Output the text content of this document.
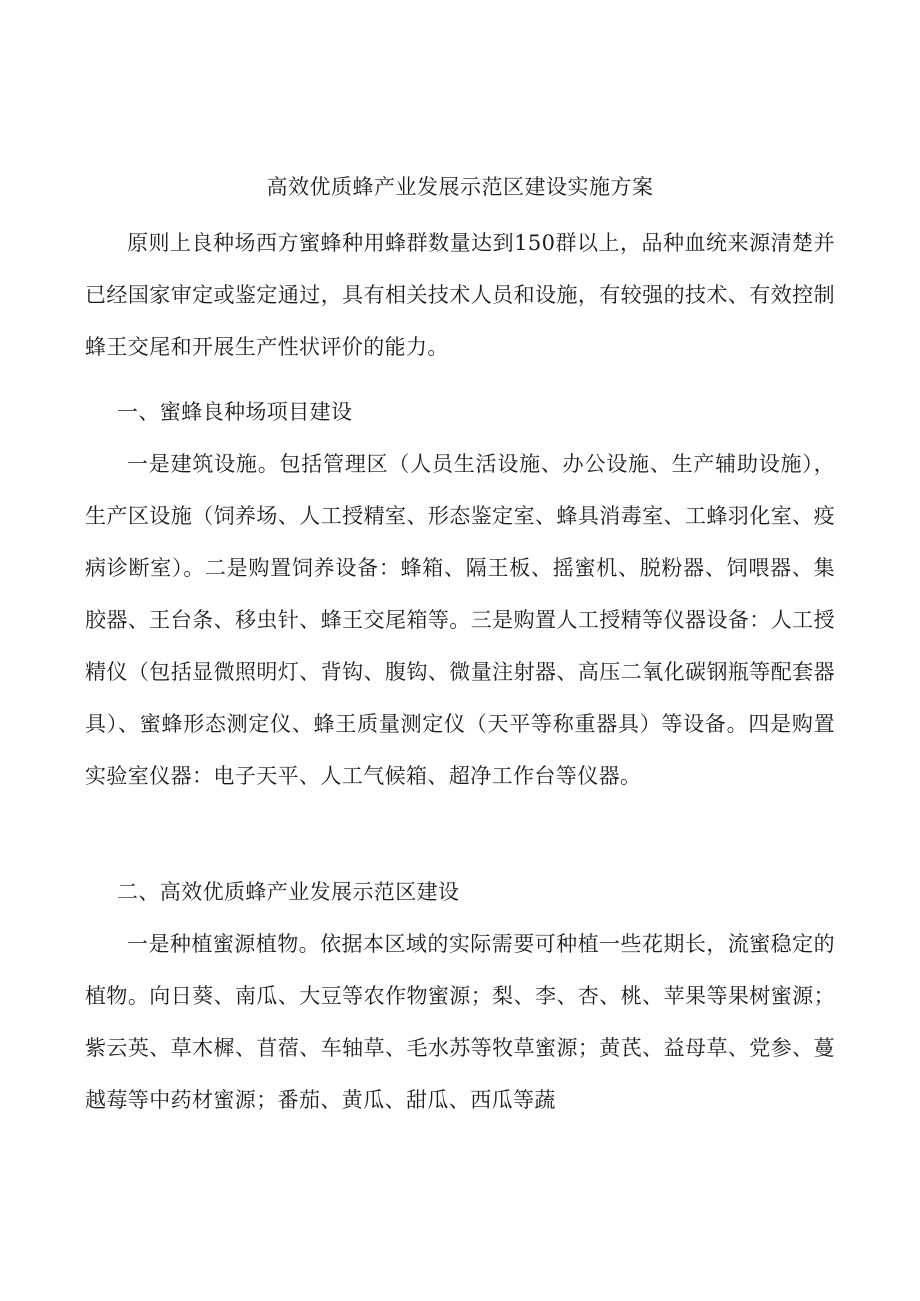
高效优质蜂产业发展示范区建设实施方案

原则上良种场西方蜜蜂种用蜂群数量达到150群以上，品种血统来源清楚并已经国家审定或鉴定通过，具有相关技术人员和设施，有较强的技术、有效控制蜂王交尾和开展生产性状评价的能力。

一、蜜蜂良种场项目建设

一是建筑设施。包括管理区（人员生活设施、办公设施、生产辅助设施），生产区设施（饲养场、人工授精室、形态鉴定室、蜂具消毒室、工蜂羽化室、疫病诊断室）。二是购置饲养设备：蜂箱、隔王板、摇蜜机、脱粉器、饲喂器、集胶器、王台条、移虫针、蜂王交尾箱等。三是购置人工授精等仪器设备：人工授精仪（包括显微照明灯、背钩、腹钩、微量注射器、高压二氧化碳钢瓶等配套器具）、蜜蜂形态测定仪、蜂王质量测定仪（天平等称重器具）等设备。四是购置实验室仪器：电子天平、人工气候箱、超净工作台等仪器。

二、高效优质蜂产业发展示范区建设

一是种植蜜源植物。依据本区域的实际需要可种植一些花期长，流蜜稳定的植物。向日葵、南瓜、大豆等农作物蜜源；梨、李、杏、桃、苹果等果树蜜源；紫云英、草木樨、苜蓿、车轴草、毛水苏等牧草蜜源；黄芪、益母草、党参、蔓越莓等中药材蜜源；番茄、黄瓜、甜瓜、西瓜等蔬
